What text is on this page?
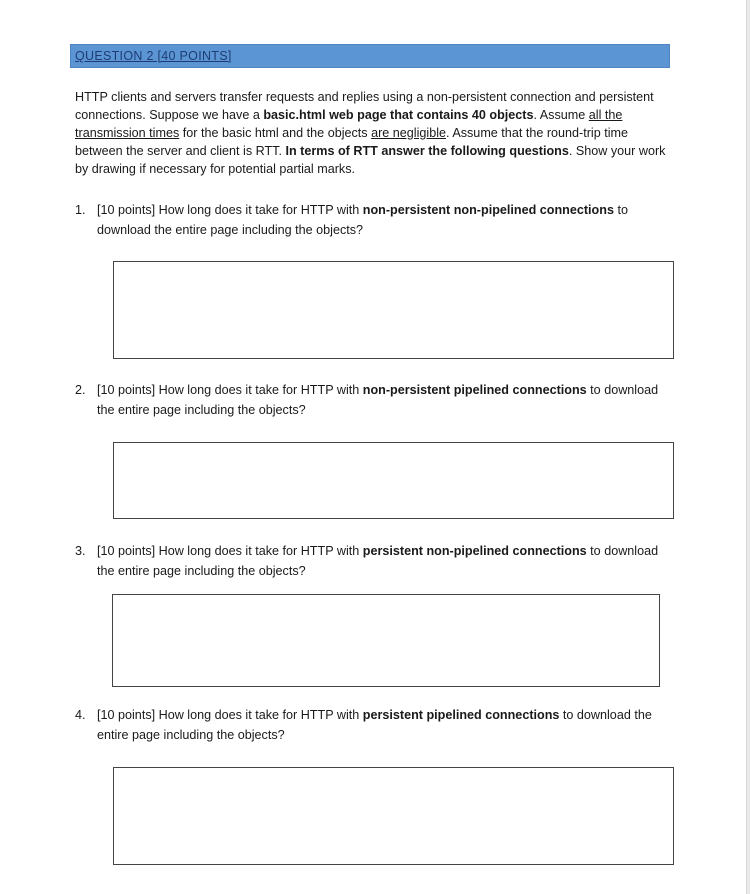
QUESTION 2 [40 POINTS]
HTTP clients and servers transfer requests and replies using a non-persistent connection and persistent connections. Suppose we have a basic.html web page that contains 40 objects. Assume all the transmission times for the basic html and the objects are negligible. Assume that the round-trip time between the server and client is RTT. In terms of RTT answer the following questions. Show your work by drawing if necessary for potential partial marks.
1. [10 points] How long does it take for HTTP with non-persistent non-pipelined connections to download the entire page including the objects?
2. [10 points] How long does it take for HTTP with non-persistent pipelined connections to download the entire page including the objects?
3. [10 points] How long does it take for HTTP with persistent non-pipelined connections to download the entire page including the objects?
4. [10 points] How long does it take for HTTP with persistent pipelined connections to download the entire page including the objects?
